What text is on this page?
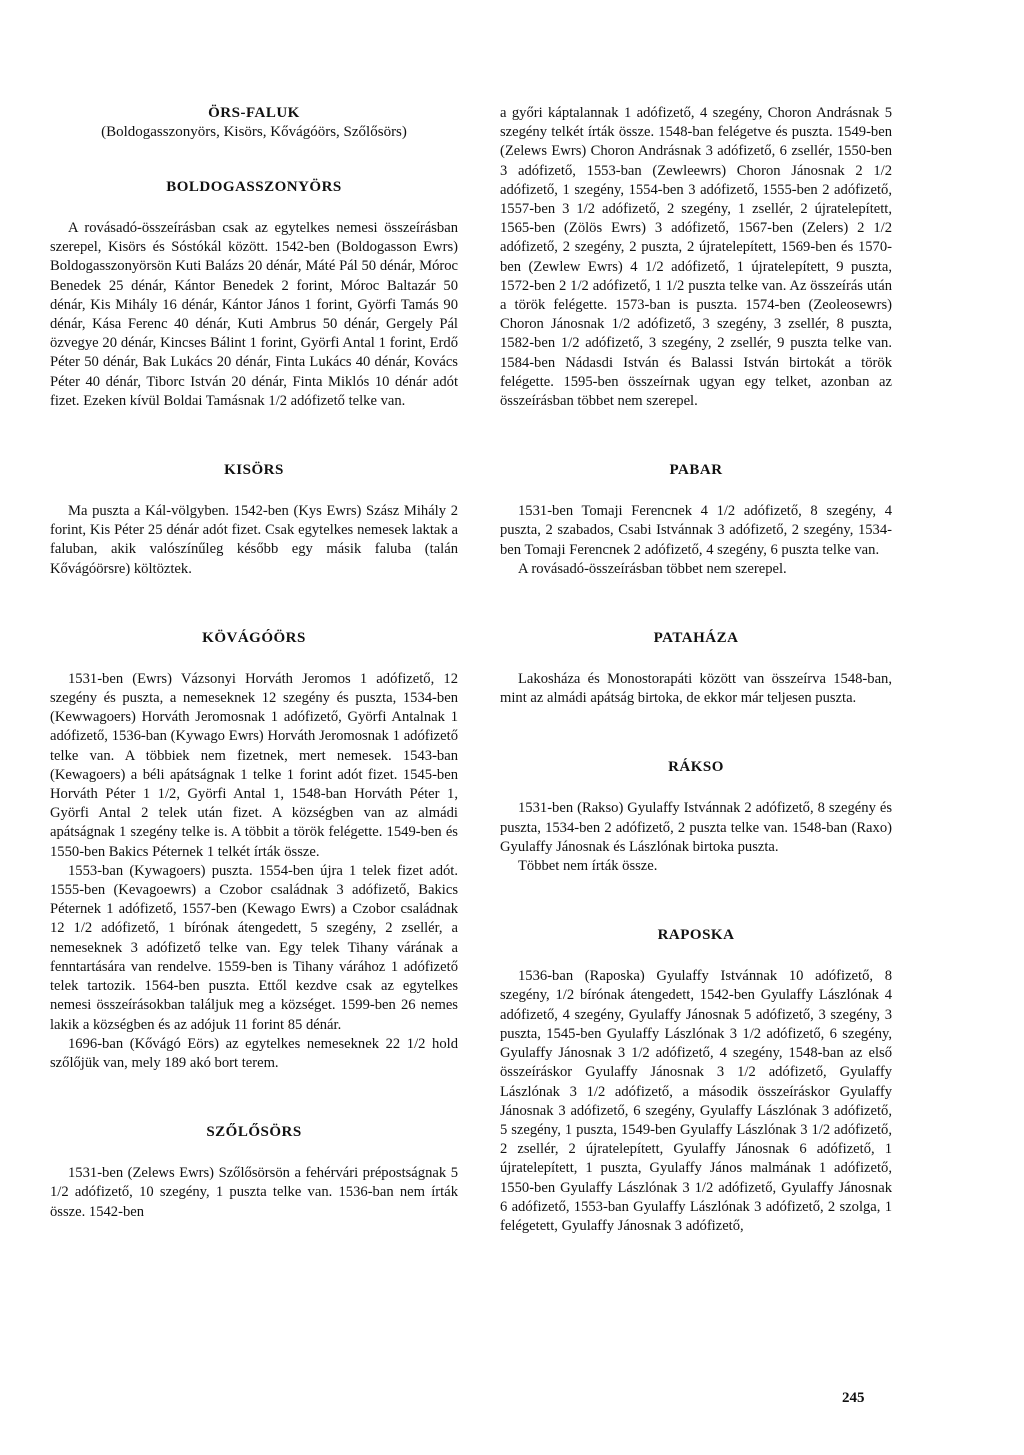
ÖRS-FALUK
(Boldogasszonyörs, Kisörs, Kővágóörs, Szőlősörs)
BOLDOGASSZONYÖRS

A rovásadó-összeírásban csak az egytelkes nemesi összeírásban szerepel, Kisörs és Sóstókál között. 1542-ben (Boldogasson Ewrs) Boldogasszonyörsön Kuti Balázs 20 dénár, Máté Pál 50 dénár, Móroc Benedek 25 dénár, Kántor Benedek 2 forint, Móroc Baltazár 50 dénár, Kis Mihály 16 dénár, Kántor János 1 forint, Györfi Tamás 90 dénár, Kása Ferenc 40 dénár, Kuti Ambrus 50 dénár, Gergely Pál özvegye 20 dénár, Kincses Bálint 1 forint, Györfi Antal 1 forint, Erdő Péter 50 dénár, Bak Lukács 20 dénár, Finta Lukács 40 dénár, Kovács Péter 40 dénár, Tiborc István 20 dénár, Finta Miklós 10 dénár adót fizet. Ezeken kívül Boldai Tamásnak 1/2 adófizető telke van.

KISÖRS

Ma puszta a Kál-völgyben. 1542-ben (Kys Ewrs) Szász Mihály 2 forint, Kis Péter 25 dénár adót fizet. Csak egytelkes nemesek laktak a faluban, akik valószínűleg később egy másik faluba (talán Kővágóörsre) költöztek.

KÖVÁGÓÖRS

1531-ben (Ewrs) Vázsonyi Horváth Jeromos 1 adófizető, 12 szegény és puszta, a nemeseknek 12 szegény és puszta, 1534-ben (Kewwagoers) Horváth Jeromosnak 1 adófizető, Györfi Antalnak 1 adófizető, 1536-ban (Kywago Ewrs) Horváth Jeromosnak 1 adófizető telke van. A többiek nem fizetnek, mert nemesek. 1543-ban (Kewagoers) a béli apátságnak 1 telke 1 forint adót fizet. 1545-ben Horváth Péter 1 1/2, Györfi Antal 1, 1548-ban Horváth Péter 1, Györfi Antal 2 telek után fizet. A községben van az almádi apátságnak 1 szegény telke is. A többit a török felégette. 1549-ben és 1550-ben Bakics Péternek 1 telkét írták össze.

1553-ban (Kywagoers) puszta. 1554-ben újra 1 telek fizet adót. 1555-ben (Kevagoewrs) a Czobor családnak 3 adófizető, Bakics Péternek 1 adófizető, 1557-ben (Kewago Ewrs) a Czobor családnak 12 1/2 adófizető, 1 bírónak átengedett, 5 szegény, 2 zsellér, a nemeseknek 3 adófizető telke van. Egy telek Tihany várának a fenntartására van rendelve. 1559-ben is Tihany várához 1 adófizető telek tartozik. 1564-ben puszta. Ettől kezdve csak az egytelkes nemesi összeírásokban találjuk meg a községet. 1599-ben 26 nemes lakik a községben és az adójuk 11 forint 85 dénár.

1696-ban (Kővágó Eörs) az egytelkes nemeseknek 22 1/2 hold szőlőjük van, mely 189 akó bort terem.

SZŐLŐSÖRS

1531-ben (Zelews Ewrs) Szőlősörsön a fehérvári prépostságnak 5 1/2 adófizető, 10 szegény, 1 puszta telke van. 1536-ban nem írták össze. 1542-ben

a győri káptalannak 1 adófizető, 4 szegény, Choron Andrásnak 5 szegény telkét írták össze. 1548-ban felégetve és puszta. 1549-ben (Zelews Ewrs) Choron Andrásnak 3 adófizető, 6 zsellér, 1550-ben 3 adófizető, 1553-ban (Zewleewrs) Choron Jánosnak 2 1/2 adófizető, 1 szegény, 1554-ben 3 adófizető, 1555-ben 2 adófizető, 1557-ben 3 1/2 adófizető, 2 szegény, 1 zsellér, 2 újratelepített, 1565-ben (Zölös Ewrs) 3 adófizető, 1567-ben (Zelers) 2 1/2 adófizető, 2 szegény, 2 puszta, 2 újratelepített, 1569-ben és 1570-ben (Zewlew Ewrs) 4 1/2 adófizető, 1 újratelepített, 9 puszta, 1572-ben 2 1/2 adófizető, 1 1/2 puszta telke van. Az összeírás után a török felégette. 1573-ban is puszta. 1574-ben (Zeoleosewrs) Choron Jánosnak 1/2 adófizető, 3 szegény, 3 zsellér, 8 puszta, 1582-ben 1/2 adófizető, 3 szegény, 2 zsellér, 9 puszta telke van. 1584-ben Nádasdi István és Balassi István birtokát a török felégette. 1595-ben összeírnak ugyan egy telket, azonban az összeírásban többet nem szerepel.

PABAR

1531-ben Tomaji Ferencnek 4 1/2 adófizető, 8 szegény, 4 puszta, 2 szabados, Csabi Istvánnak 3 adófizető, 2 szegény, 1534-ben Tomaji Ferencnek 2 adófizető, 4 szegény, 6 puszta telke van.

A rovásadó-összeírásban többet nem szerepel.

PATAHÁZA

Lakosháza és Monostorapáti között van összeírva 1548-ban, mint az almádi apátság birtoka, de ekkor már teljesen puszta.

RÁKSO

1531-ben (Rakso) Gyulaffy Istvánnak 2 adófizető, 8 szegény és puszta, 1534-ben 2 adófizető, 2 puszta telke van. 1548-ban (Raxo) Gyulaffy Jánosnak és Lászlónak birtoka puszta.

Többet nem írták össze.

RAPOSKA

1536-ban (Raposka) Gyulaffy Istvánnak 10 adófizető, 8 szegény, 1/2 bírónak átengedett, 1542-ben Gyulaffy Lászlónak 4 adófizető, 4 szegény, Gyulaffy Jánosnak 5 adófizető, 3 szegény, 3 puszta, 1545-ben Gyulaffy Lászlónak 3 1/2 adófizető, 6 szegény, Gyulaffy Jánosnak 3 1/2 adófizető, 4 szegény, 1548-ban az első összeíráskor Gyulaffy Jánosnak 3 1/2 adófizető, Gyulaffy Lászlónak 3 1/2 adófizető, a második összeíráskor Gyulaffy Jánosnak 3 adófizető, 6 szegény, Gyulaffy Lászlónak 3 adófizető, 5 szegény, 1 puszta, 1549-ben Gyulaffy Lászlónak 3 1/2 adófizető, 2 zsellér, 2 újratelepített, Gyulaffy Jánosnak 6 adófizető, 1 újratelepített, 1 puszta, Gyulaffy János malmának 1 adófizető, 1550-ben Gyulaffy Lászlónak 3 1/2 adófizető, Gyulaffy Jánosnak 6 adófizető, 1553-ban Gyulaffy Lászlónak 3 adófizető, 2 szolga, 1 felégetett, Gyulaffy Jánosnak 3 adófizető,

245
